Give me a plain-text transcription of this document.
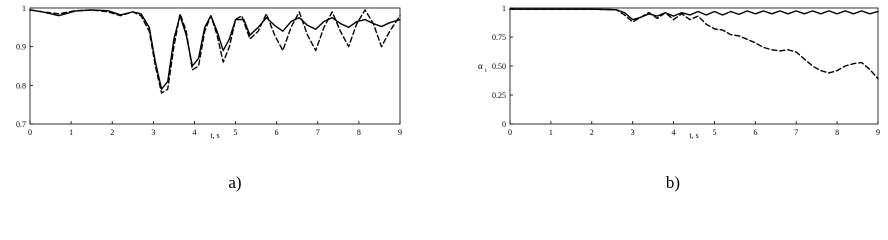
0	1	2	3	4	5	6	7	8	9
0.7
0.8
0.9
1
t, s
a)
0	1	2	3	4	5	6	7	8	9
0
0.25
0.50
0.75
1
t, s
α $_i$
b)
